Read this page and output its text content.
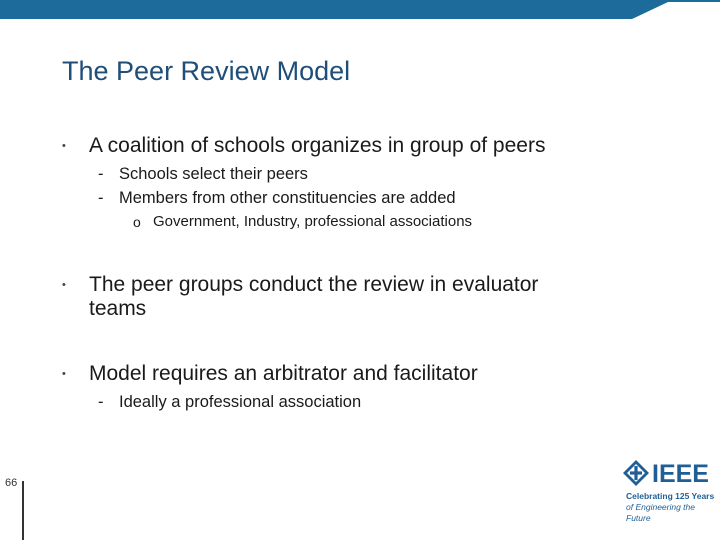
The Peer Review Model
• A coalition of schools organizes in group of peers
- Schools select their peers
- Members from other constituencies are added
o Government, Industry, professional associations
• The peer groups conduct the review in evaluator
teams
• Model requires an arbitrator and facilitator
- Ideally a professional association
IEEE
Celebrating 125 Years
of Engineering the Future
66
